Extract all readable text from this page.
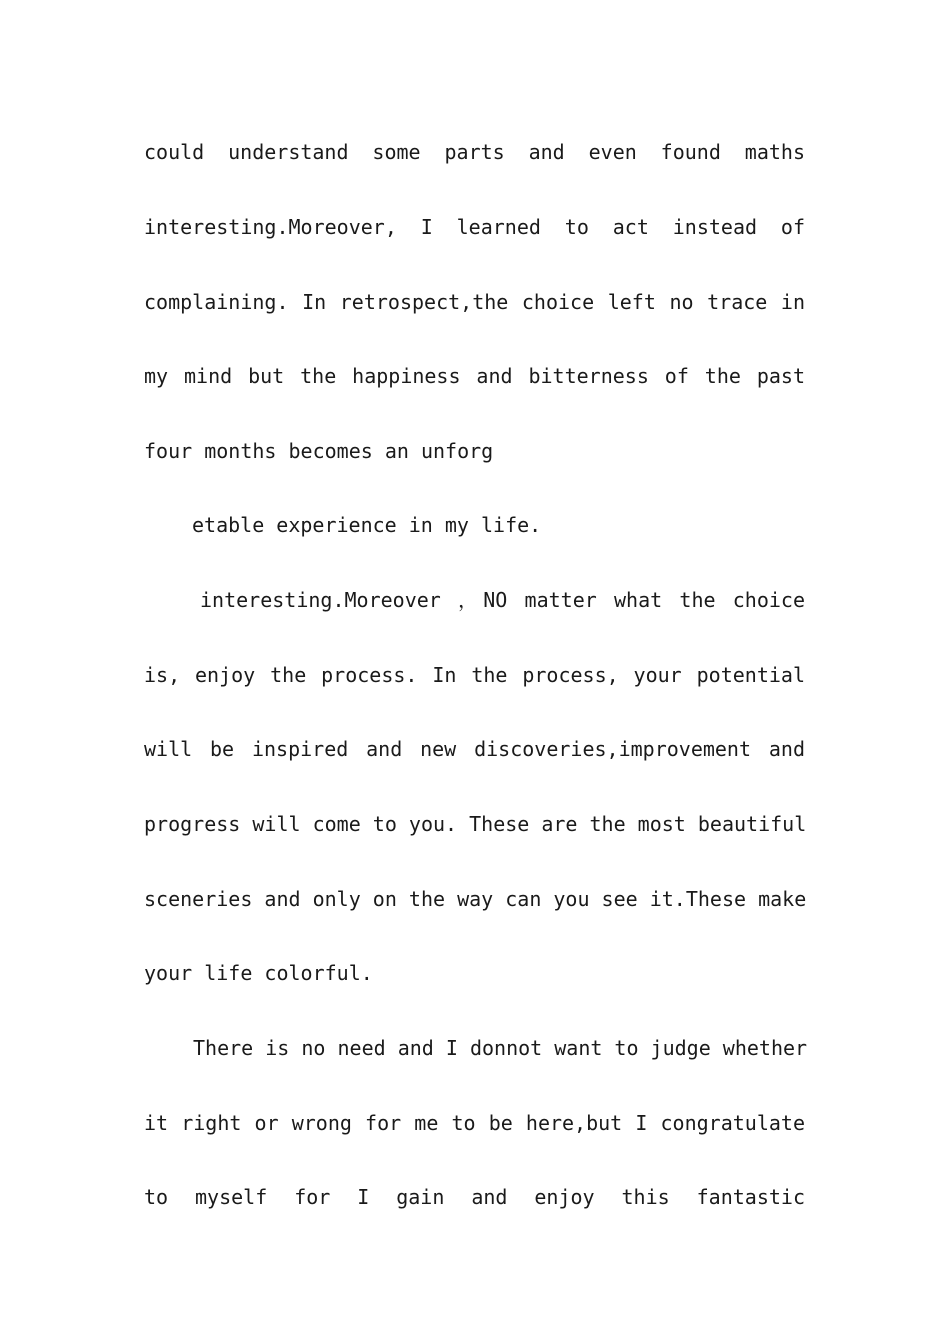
could understand some parts and even found maths
interesting.Moreover, I learned to act instead of
complaining. In retrospect,the choice left no trace in
my mind but the happiness and bitterness of the past
four months becomes an unforg
etable experience in my life.
interesting.Moreover ，NO matter what the choice
is, enjoy the process. In the process, your potential
will be inspired and new discoveries,improvement and
progress will come to you. These are the most beautiful
sceneries and only on the way can you see it.These make
your life colorful.
There is no need and I donnot want to judge whether
it right or wrong for me to be here,but I congratulate
to myself for I gain and enjoy this fantastic
